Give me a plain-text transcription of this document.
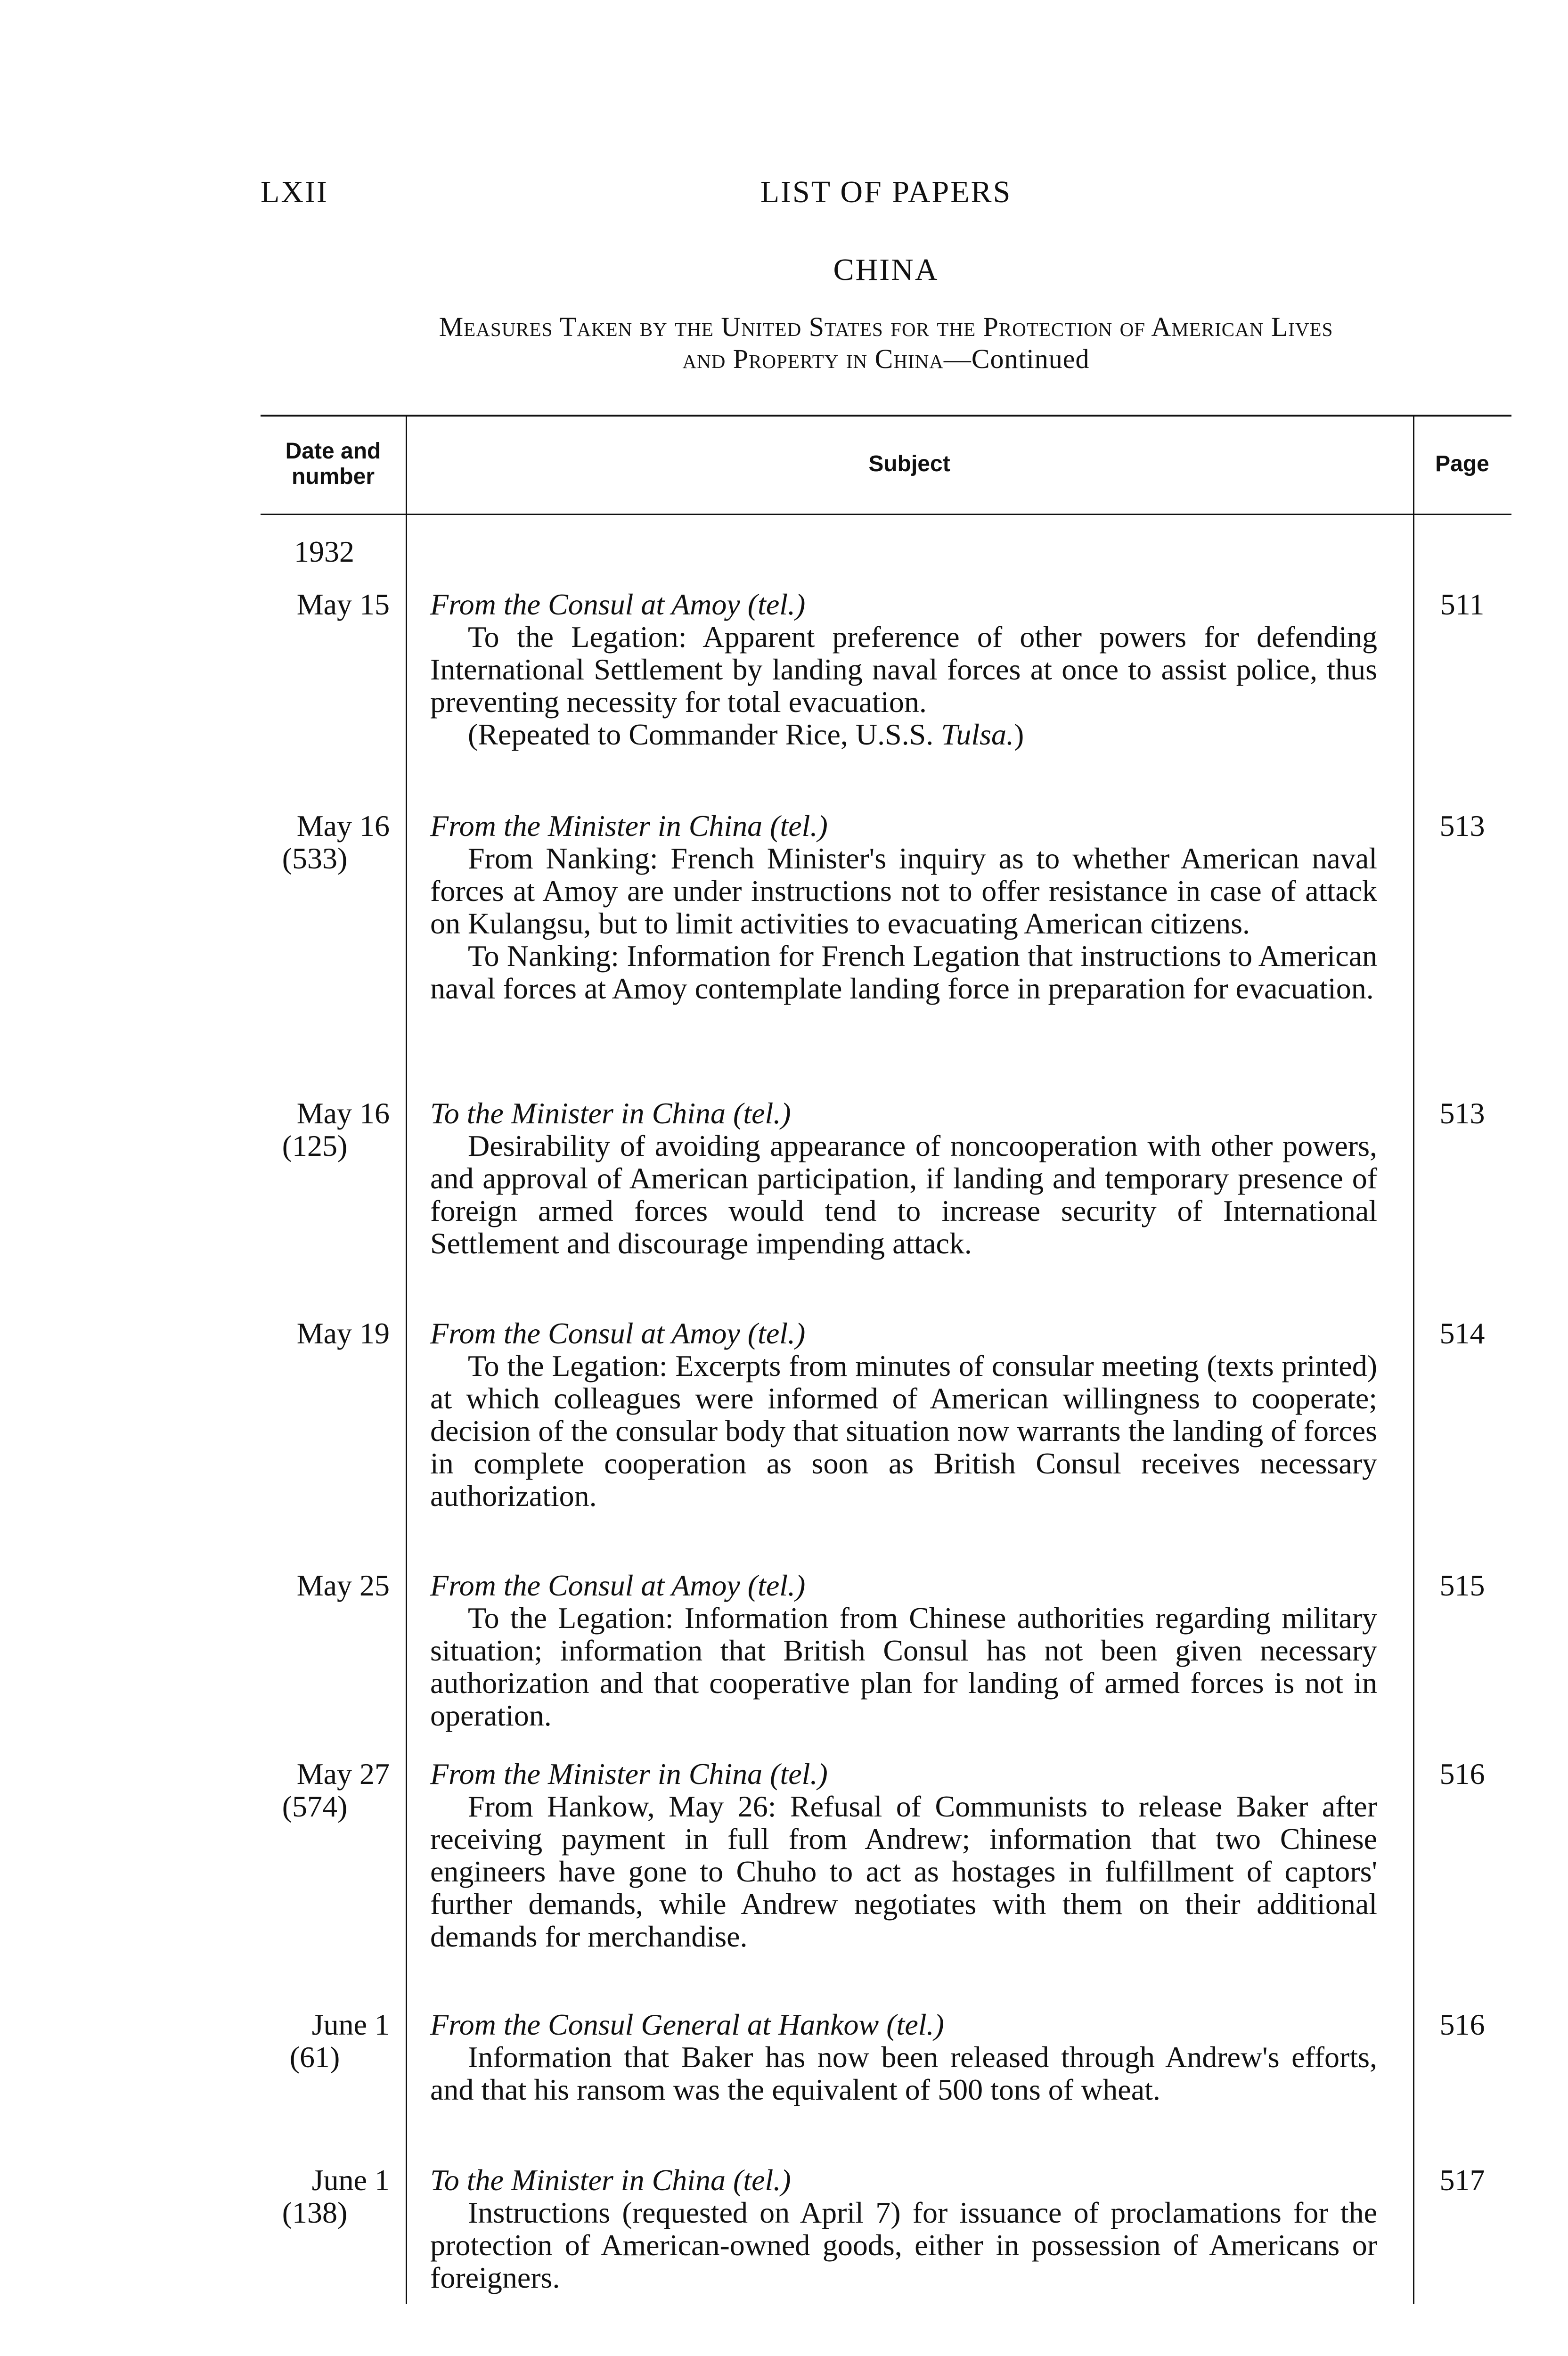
LXII	LIST OF PAPERS
CHINA
Measures Taken by the United States for the Protection of American Lives
and Property in China—Continued
Date and
number
Subject	Page
1932
May 15 From the Consul at Amoy (tel.)
To the Legation: Apparent preference of other powers for defending International Settlement by landing naval forces at once to assist police, thus preventing necessity for total evacuation.
(Repeated to Commander Rice, U.S.S. Tulsa.)
511
May 16
(533)
From the Minister in China (tel.)
From Nanking: French Minister's inquiry as to whether American naval forces at Amoy are under instructions not to offer resistance in case of attack on Kulangsu, but to limit activities to evacuating American citizens.
To Nanking: Information for French Legation that instructions to American naval forces at Amoy contemplate landing force in preparation for evacuation.
513
May 16
(125)
To the Minister in China (tel.)
Desirability of avoiding appearance of noncooperation with other powers, and approval of American participation, if landing and temporary presence of foreign armed forces would tend to increase security of International Settlement and discourage impending attack.
513
May 19 From the Consul at Amoy (tel.)
To the Legation: Excerpts from minutes of consular meeting (texts printed) at which colleagues were informed of American willingness to cooperate; decision of the consular body that situation now warrants the landing of forces in complete cooperation as soon as British Consul receives necessary authorization.
514
May 25 From the Consul at Amoy (tel.)
To the Legation: Information from Chinese authorities regarding military situation; information that British Consul has not been given necessary authorization and that cooperative plan for landing of armed forces is not in operation.
515
May 27
(574)
From the Minister in China (tel.)
From Hankow, May 26: Refusal of Communists to release Baker after receiving payment in full from Andrew; information that two Chinese engineers have gone to Chuho to act as hostages in fulfillment of captors' further demands, while Andrew negotiates with them on their additional demands for merchandise.
516
June 1
(61)
From the Consul General at Hankow (tel.)
Information that Baker has now been released through Andrew's efforts, and that his ransom was the equivalent of 500 tons of wheat.
516
June 1
(138)
To the Minister in China (tel.)
Instructions (requested on April 7) for issuance of proclamations for the protection of American-owned goods, either in possession of Americans or foreigners.
517
